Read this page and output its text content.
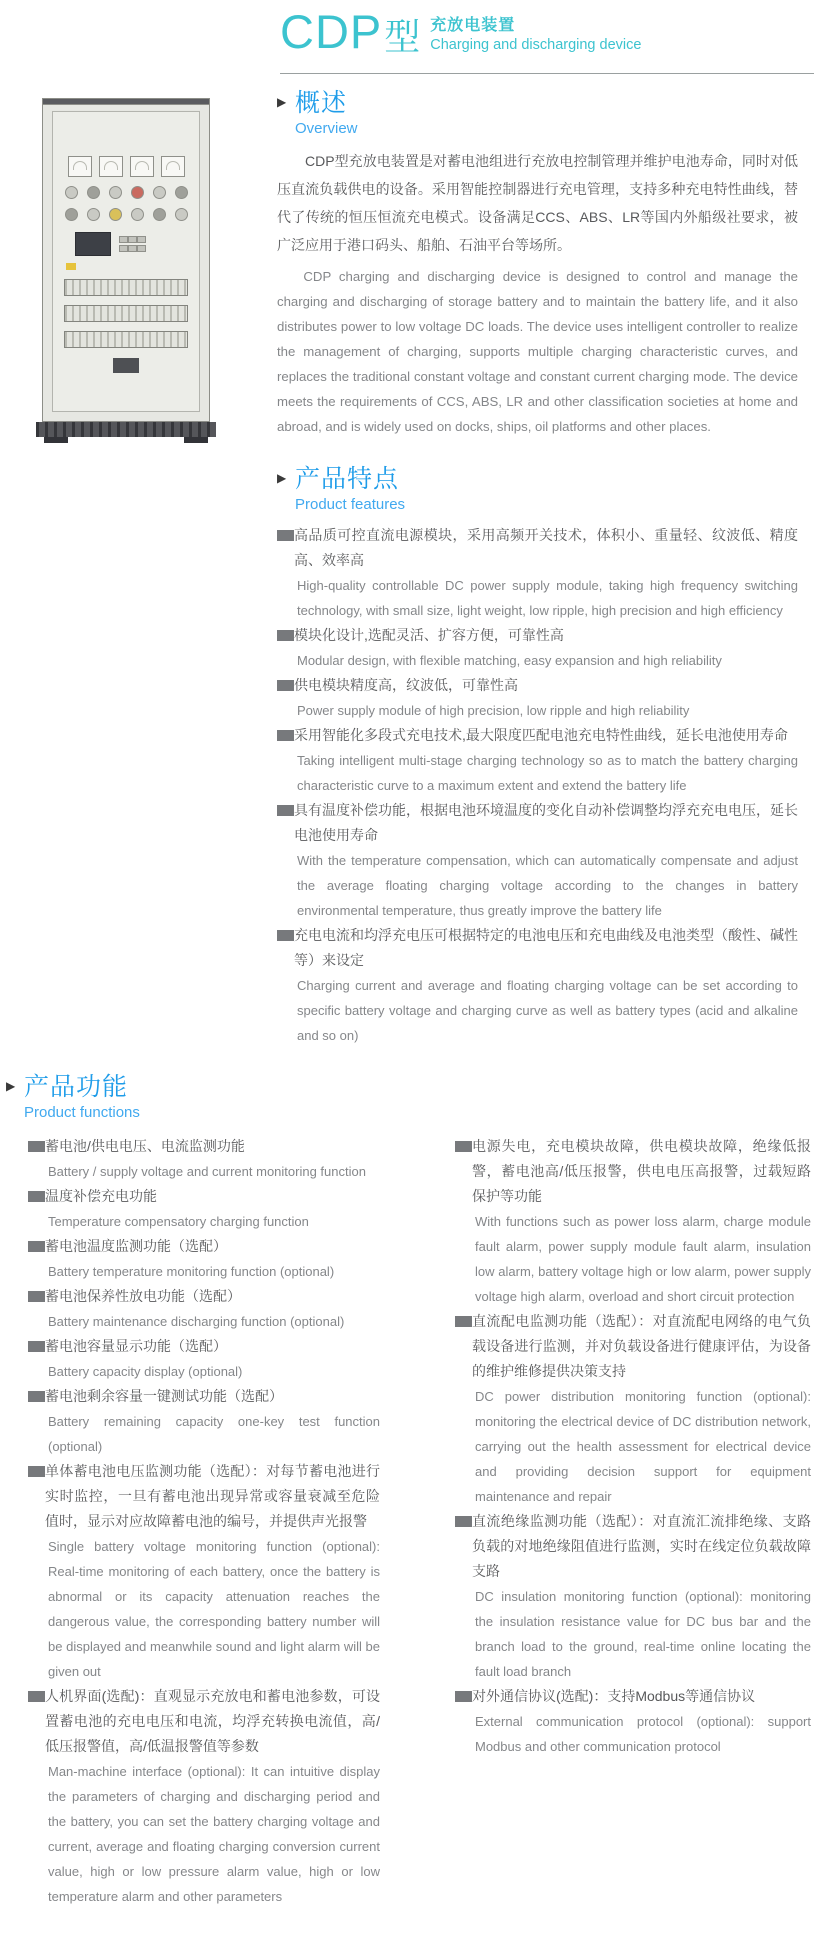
CDP 型 充放电装置
Charging and discharging device
▶ 概述
Overview

CDP型充放电装置是对蓄电池组进行充放电控制管理并维护电池寿命，同时对低压直流负载供电的设备。采用智能控制器进行充电管理，支持多种充电特性曲线，替代了传统的恒压恒流充电模式。设备满足CCS、ABS、LR等国内外船级社要求，被广泛应用于港口码头、船舶、石油平台等场所。

CDP charging and discharging device is designed to control and manage the charging and discharging of storage battery and to maintain the battery life, and it also distributes power to low voltage DC loads. The device uses intelligent controller to realize the management of charging, supports multiple charging characteristic curves, and replaces the traditional constant voltage and constant current charging mode. The device meets the requirements of CCS, ABS, LR and other classification societies at home and abroad, and is widely used on docks, ships, oil platforms and other places.

▶ 产品特点
Product features

高品质可控直流电源模块，采用高频开关技术，体积小、重量轻、纹波低、精度高、效率高

High-quality controllable DC power supply module, taking high frequency switching technology, with small size, light weight, low ripple, high precision and high efficiency

模块化设计,选配灵活、扩容方便，可靠性高

Modular design, with flexible matching, easy expansion and high reliability

供电模块精度高，纹波低，可靠性高

Power supply module of high precision, low ripple and high reliability

采用智能化多段式充电技术,最大限度匹配电池充电特性曲线，延长电池使用寿命

Taking intelligent multi-stage charging technology so as to match the battery charging characteristic curve to a maximum extent and extend the battery life

具有温度补偿功能，根据电池环境温度的变化自动补偿调整均浮充充电电压，延长电池使用寿命

With the temperature compensation, which can automatically compensate and adjust the average floating charging voltage according to the changes in battery environmental temperature, thus greatly improve the battery life

充电电流和均浮充电压可根据特定的电池电压和充电曲线及电池类型（酸性、碱性等）来设定

Charging current and average and floating charging voltage can be set according to specific battery voltage and charging curve as well as battery types (acid and alkaline and so on)

▶ 产品功能
Product functions

蓄电池/供电电压、电流监测功能

Battery / supply voltage and current monitoring function

温度补偿充电功能

Temperature compensatory charging function

蓄电池温度监测功能（选配）

Battery temperature monitoring function (optional)

蓄电池保养性放电功能（选配）

Battery maintenance discharging function (optional)

蓄电池容量显示功能（选配）

Battery capacity display (optional)

蓄电池剩余容量一键测试功能（选配）

Battery remaining capacity one-key test function (optional)

单体蓄电池电压监测功能（选配）：对每节蓄电池进行实时监控，一旦有蓄电池出现异常或容量衰减至危险值时，显示对应故障蓄电池的编号，并提供声光报警

Single battery voltage monitoring function (optional): Real-time monitoring of each battery, once the battery is abnormal or its capacity attenuation reaches the dangerous value, the corresponding battery number will be displayed and meanwhile sound and light alarm will be given out

人机界面(选配)：直观显示充放电和蓄电池参数，可设置蓄电池的充电电压和电流，均浮充转换电流值，高/低压报警值，高/低温报警值等参数

Man-machine interface (optional): It can intuitive display the parameters of charging and discharging period and the battery, you can set the battery charging voltage and current, average and floating charging conversion current value, high or low pressure alarm value, high or low temperature alarm and other parameters

电源失电，充电模块故障，供电模块故障，绝缘低报警，蓄电池高/低压报警，供电电压高报警，过载短路保护等功能

With functions such as power loss alarm, charge module fault alarm, power supply module fault alarm, insulation low alarm, battery voltage high or low alarm, power supply voltage high alarm, overload and short circuit protection

直流配电监测功能（选配）：对直流配电网络的电气负载设备进行监测，并对负载设备进行健康评估，为设备的维护维修提供决策支持

DC power distribution monitoring function (optional): monitoring the electrical device of DC distribution network, carrying out the health assessment for electrical device and providing decision support for equipment maintenance and repair

直流绝缘监测功能（选配）：对直流汇流排绝缘、支路负载的对地绝缘阻值进行监测，实时在线定位负载故障支路

DC insulation monitoring function (optional): monitoring the insulation resistance value for DC bus bar and the branch load to the ground, real-time online locating the fault load branch

对外通信协议(选配)：支持Modbus等通信协议

External communication protocol (optional): support Modbus and other communication protocol
